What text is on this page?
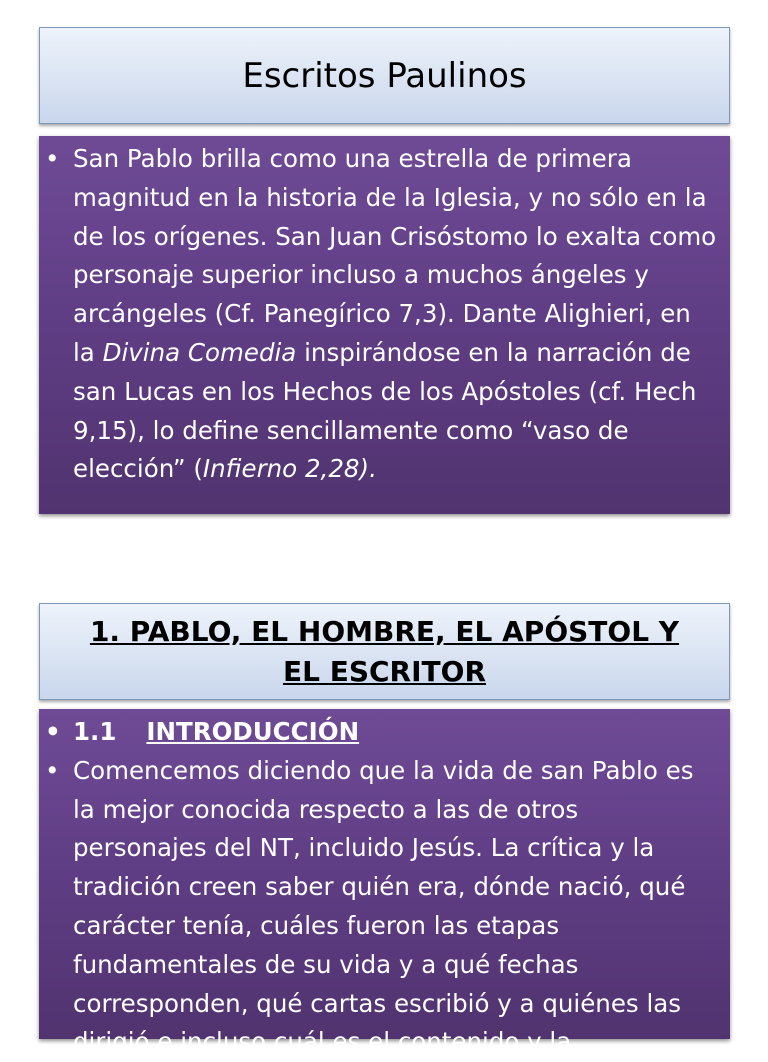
Escritos Paulinos

• San Pablo brilla como una estrella de primera magnitud en la historia de la Iglesia, y no sólo en la de los orígenes. San Juan Crisóstomo lo exalta como personaje superior incluso a muchos ángeles y arcángeles (Cf. Panegírico 7,3). Dante Alighieri, en la Divina Comedia inspirándose en la narración de san Lucas en los Hechos de los Apóstoles (cf. Hech 9,15), lo define sencillamente como “vaso de elección” (Infierno 2,28).

1. PABLO, EL HOMBRE, EL APÓSTOL Y EL ESCRITOR

• 1.1 INTRODUCCIÓN

• Comencemos diciendo que la vida de san Pablo es la mejor conocida respecto a las de otros personajes del NT, incluido Jesús. La crítica y la tradición creen saber quién era, dónde nació, qué carácter tenía, cuáles fueron las etapas fundamentales de su vida y a qué fechas corresponden, qué cartas escribió y a quiénes las dirigió e incluso cuál es el contenido y la
